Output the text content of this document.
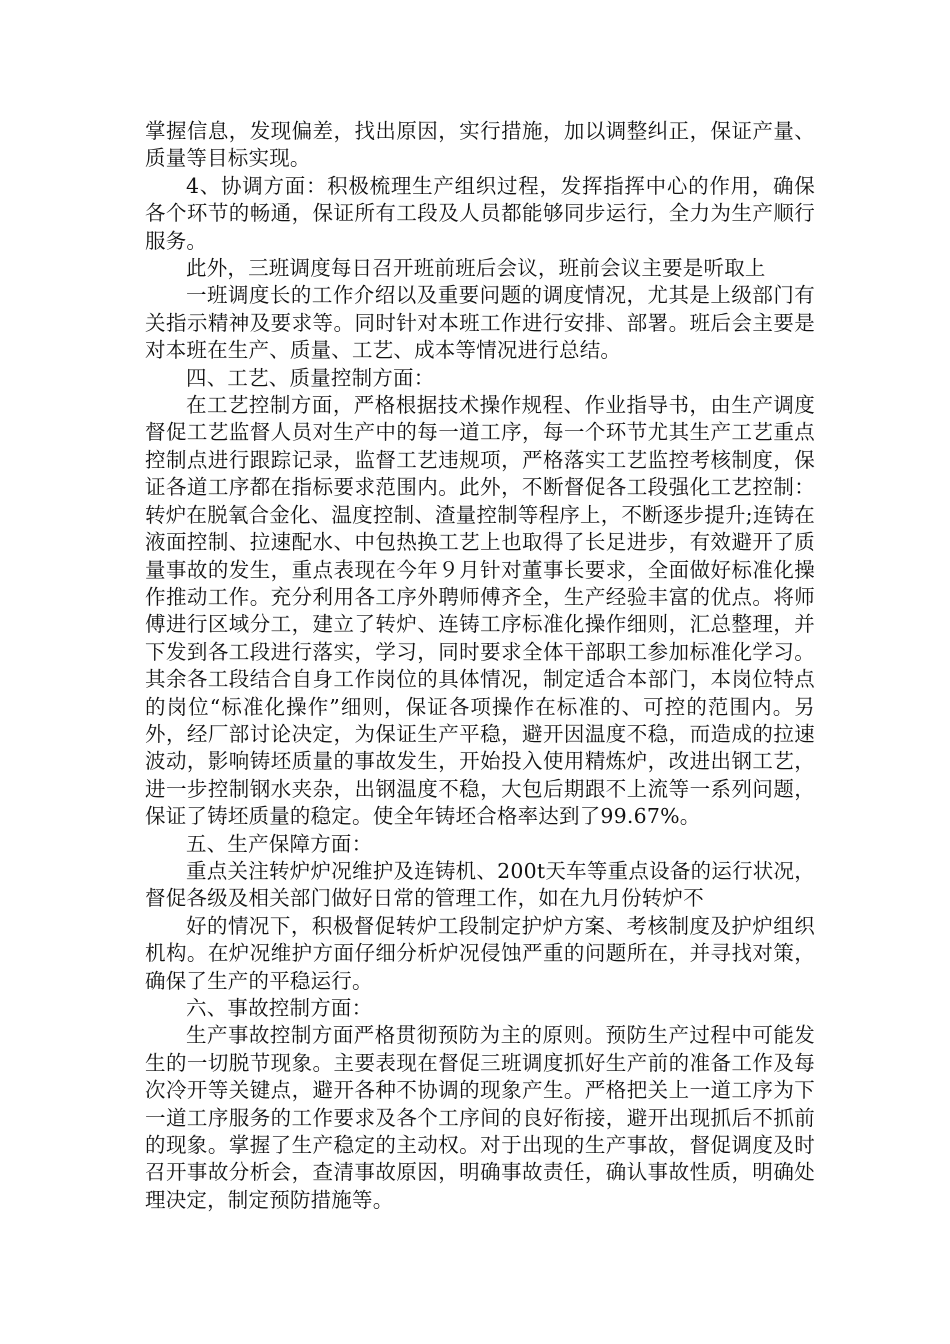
掌握信息，发现偏差，找出原因，实行措施，加以调整纠正，保证产量、质量等目标实现。

4、协调方面：积极梳理生产组织过程，发挥指挥中心的作用，确保各个环节的畅通，保证所有工段及人员都能够同步运行，全力为生产顺行服务。

此外，三班调度每日召开班前班后会议，班前会议主要是听取上

一班调度长的工作介绍以及重要问题的调度情况，尤其是上级部门有关指示精神及要求等。同时针对本班工作进行安排、部署。班后会主要是对本班在生产、质量、工艺、成本等情况进行总结。

四、工艺、质量控制方面：

在工艺控制方面，严格根据技术操作规程、作业指导书，由生产调度督促工艺监督人员对生产中的每一道工序，每一个环节尤其生产工艺重点控制点进行跟踪记录，监督工艺违规项，严格落实工艺监控考核制度，保证各道工序都在指标要求范围内。此外，不断督促各工段强化工艺控制：转炉在脱氧合金化、温度控制、渣量控制等程序上，不断逐步提升;连铸在液面控制、拉速配水、中包热换工艺上也取得了长足进步，有效避开了质量事故的发生，重点表现在今年９月针对董事长要求，全面做好标准化操作推动工作。充分利用各工序外聘师傅齐全，生产经验丰富的优点。将师傅进行区域分工，建立了转炉、连铸工序标准化操作细则，汇总整理，并下发到各工段进行落实，学习，同时要求全体干部职工参加标准化学习。其余各工段结合自身工作岗位的具体情况，制定适合本部门，本岗位特点的岗位“标准化操作”细则，保证各项操作在标准的、可控的范围内。另外，经厂部讨论决定，为保证生产平稳，避开因温度不稳，而造成的拉速波动，影响铸坯质量的事故发生，开始投入使用精炼炉，改进出钢工艺，进一步控制钢水夹杂，出钢温度不稳，大包后期跟不上流等一系列问题，保证了铸坯质量的稳定。使全年铸坯合格率达到了99.67%。

五、生产保障方面：

重点关注转炉炉况维护及连铸机、200t天车等重点设备的运行状况，督促各级及相关部门做好日常的管理工作，如在九月份转炉不

好的情况下，积极督促转炉工段制定护炉方案、考核制度及护炉组织机构。在炉况维护方面仔细分析炉况侵蚀严重的问题所在，并寻找对策，确保了生产的平稳运行。

六、事故控制方面：

生产事故控制方面严格贯彻预防为主的原则。预防生产过程中可能发生的一切脱节现象。主要表现在督促三班调度抓好生产前的准备工作及每次冷开等关键点，避开各种不协调的现象产生。严格把关上一道工序为下一道工序服务的工作要求及各个工序间的良好衔接，避开出现抓后不抓前的现象。掌握了生产稳定的主动权。对于出现的生产事故，督促调度及时召开事故分析会，查清事故原因，明确事故责任，确认事故性质，明确处理决定，制定预防措施等。
